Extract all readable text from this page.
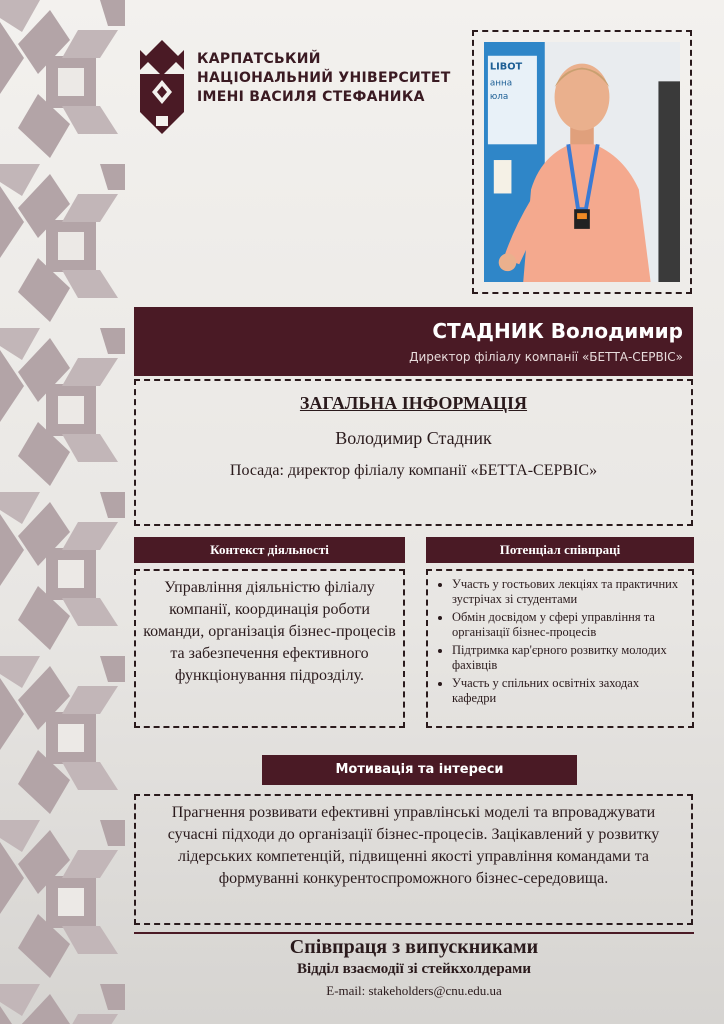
КАРПАТСЬКИЙ
НАЦІОНАЛЬНИЙ УНІВЕРСИТЕТ
ІМЕНІ ВАСИЛЯ СТЕФАНИКА
LIBOT
анна
юла
СТАДНИК Володимир
Директор філіалу компанії «БЕТТА-СЕРВІС»
ЗАГАЛЬНА ІНФОРМАЦІЯ
Володимир Стадник
Посада: директор філіалу компанії «БЕТТА-СЕРВІС»
Контекст діяльності
Управління діяльністю філіалу компанії, координація роботи команди, організація бізнес-процесів та забезпечення ефективного функціонування підрозділу.
Потенціал співпраці
• Участь у гостьових лекціях та практичних зустрічах зі студентами
• Обмін досвідом у сфері управління та організації бізнес-процесів
• Підтримка кар'єрного розвитку молодих фахівців
• Участь у спільних освітніх заходах кафедри
Мотивація та інтереси
Прагнення розвивати ефективні управлінські моделі та впроваджувати сучасні підходи до організації бізнес-процесів. Зацікавлений у розвитку лідерських компетенцій, підвищенні якості управління командами та формуванні конкурентоспроможного бізнес-середовища.
Співпраця з випускниками
Відділ взаємодії зі стейкхолдерами
E-mail: stakeholders@cnu.edu.ua
